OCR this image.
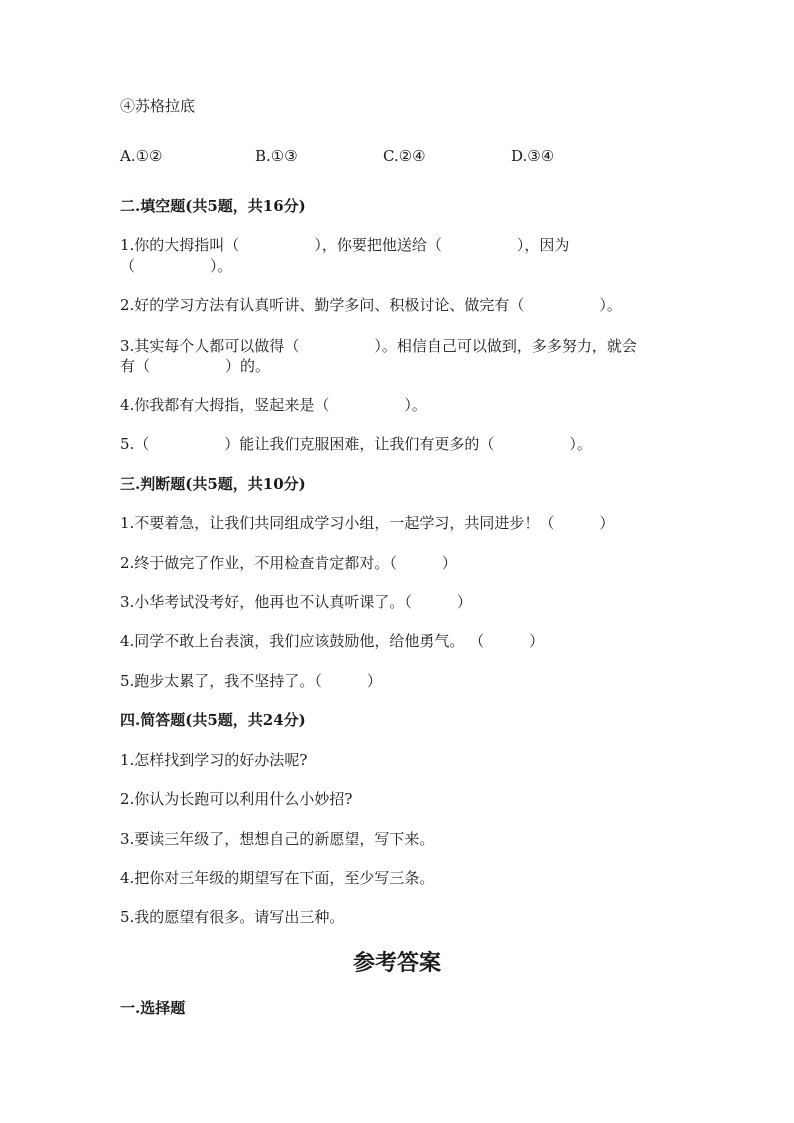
④苏格拉底
A.①②	B.①③	C.②④	D.③④
二.填空题(共5题，共16分)
1.你的大拇指叫（　　　　　），你要把他送给（　　　　　），因为
（　　　　　）。
2.好的学习方法有认真听讲、勤学多问、积极讨论、做完有（　　　　　）。
3.其实每个人都可以做得（　　　　　）。相信自己可以做到，多多努力，就会
有（　　　　　）的。
4.你我都有大拇指，竖起来是（　　　　　）。
5.（　　　　　）能让我们克服困难，让我们有更多的（　　　　　）。
三.判断题(共5题，共10分)
1.不要着急，让我们共同组成学习小组，一起学习，共同进步！（　　　）
2.终于做完了作业，不用检查肯定都对。（　　　）
3.小华考试没考好，他再也不认真听课了。（　　　）
4.同学不敢上台表演，我们应该鼓励他，给他勇气。 （　　　）
5.跑步太累了，我不坚持了。（　　　）
四.简答题(共5题，共24分)
1.怎样找到学习的好办法呢?
2.你认为长跑可以利用什么小妙招?
3.要读三年级了，想想自己的新愿望，写下来。
4.把你对三年级的期望写在下面，至少写三条。
5.我的愿望有很多。请写出三种。
参考答案
一.选择题
